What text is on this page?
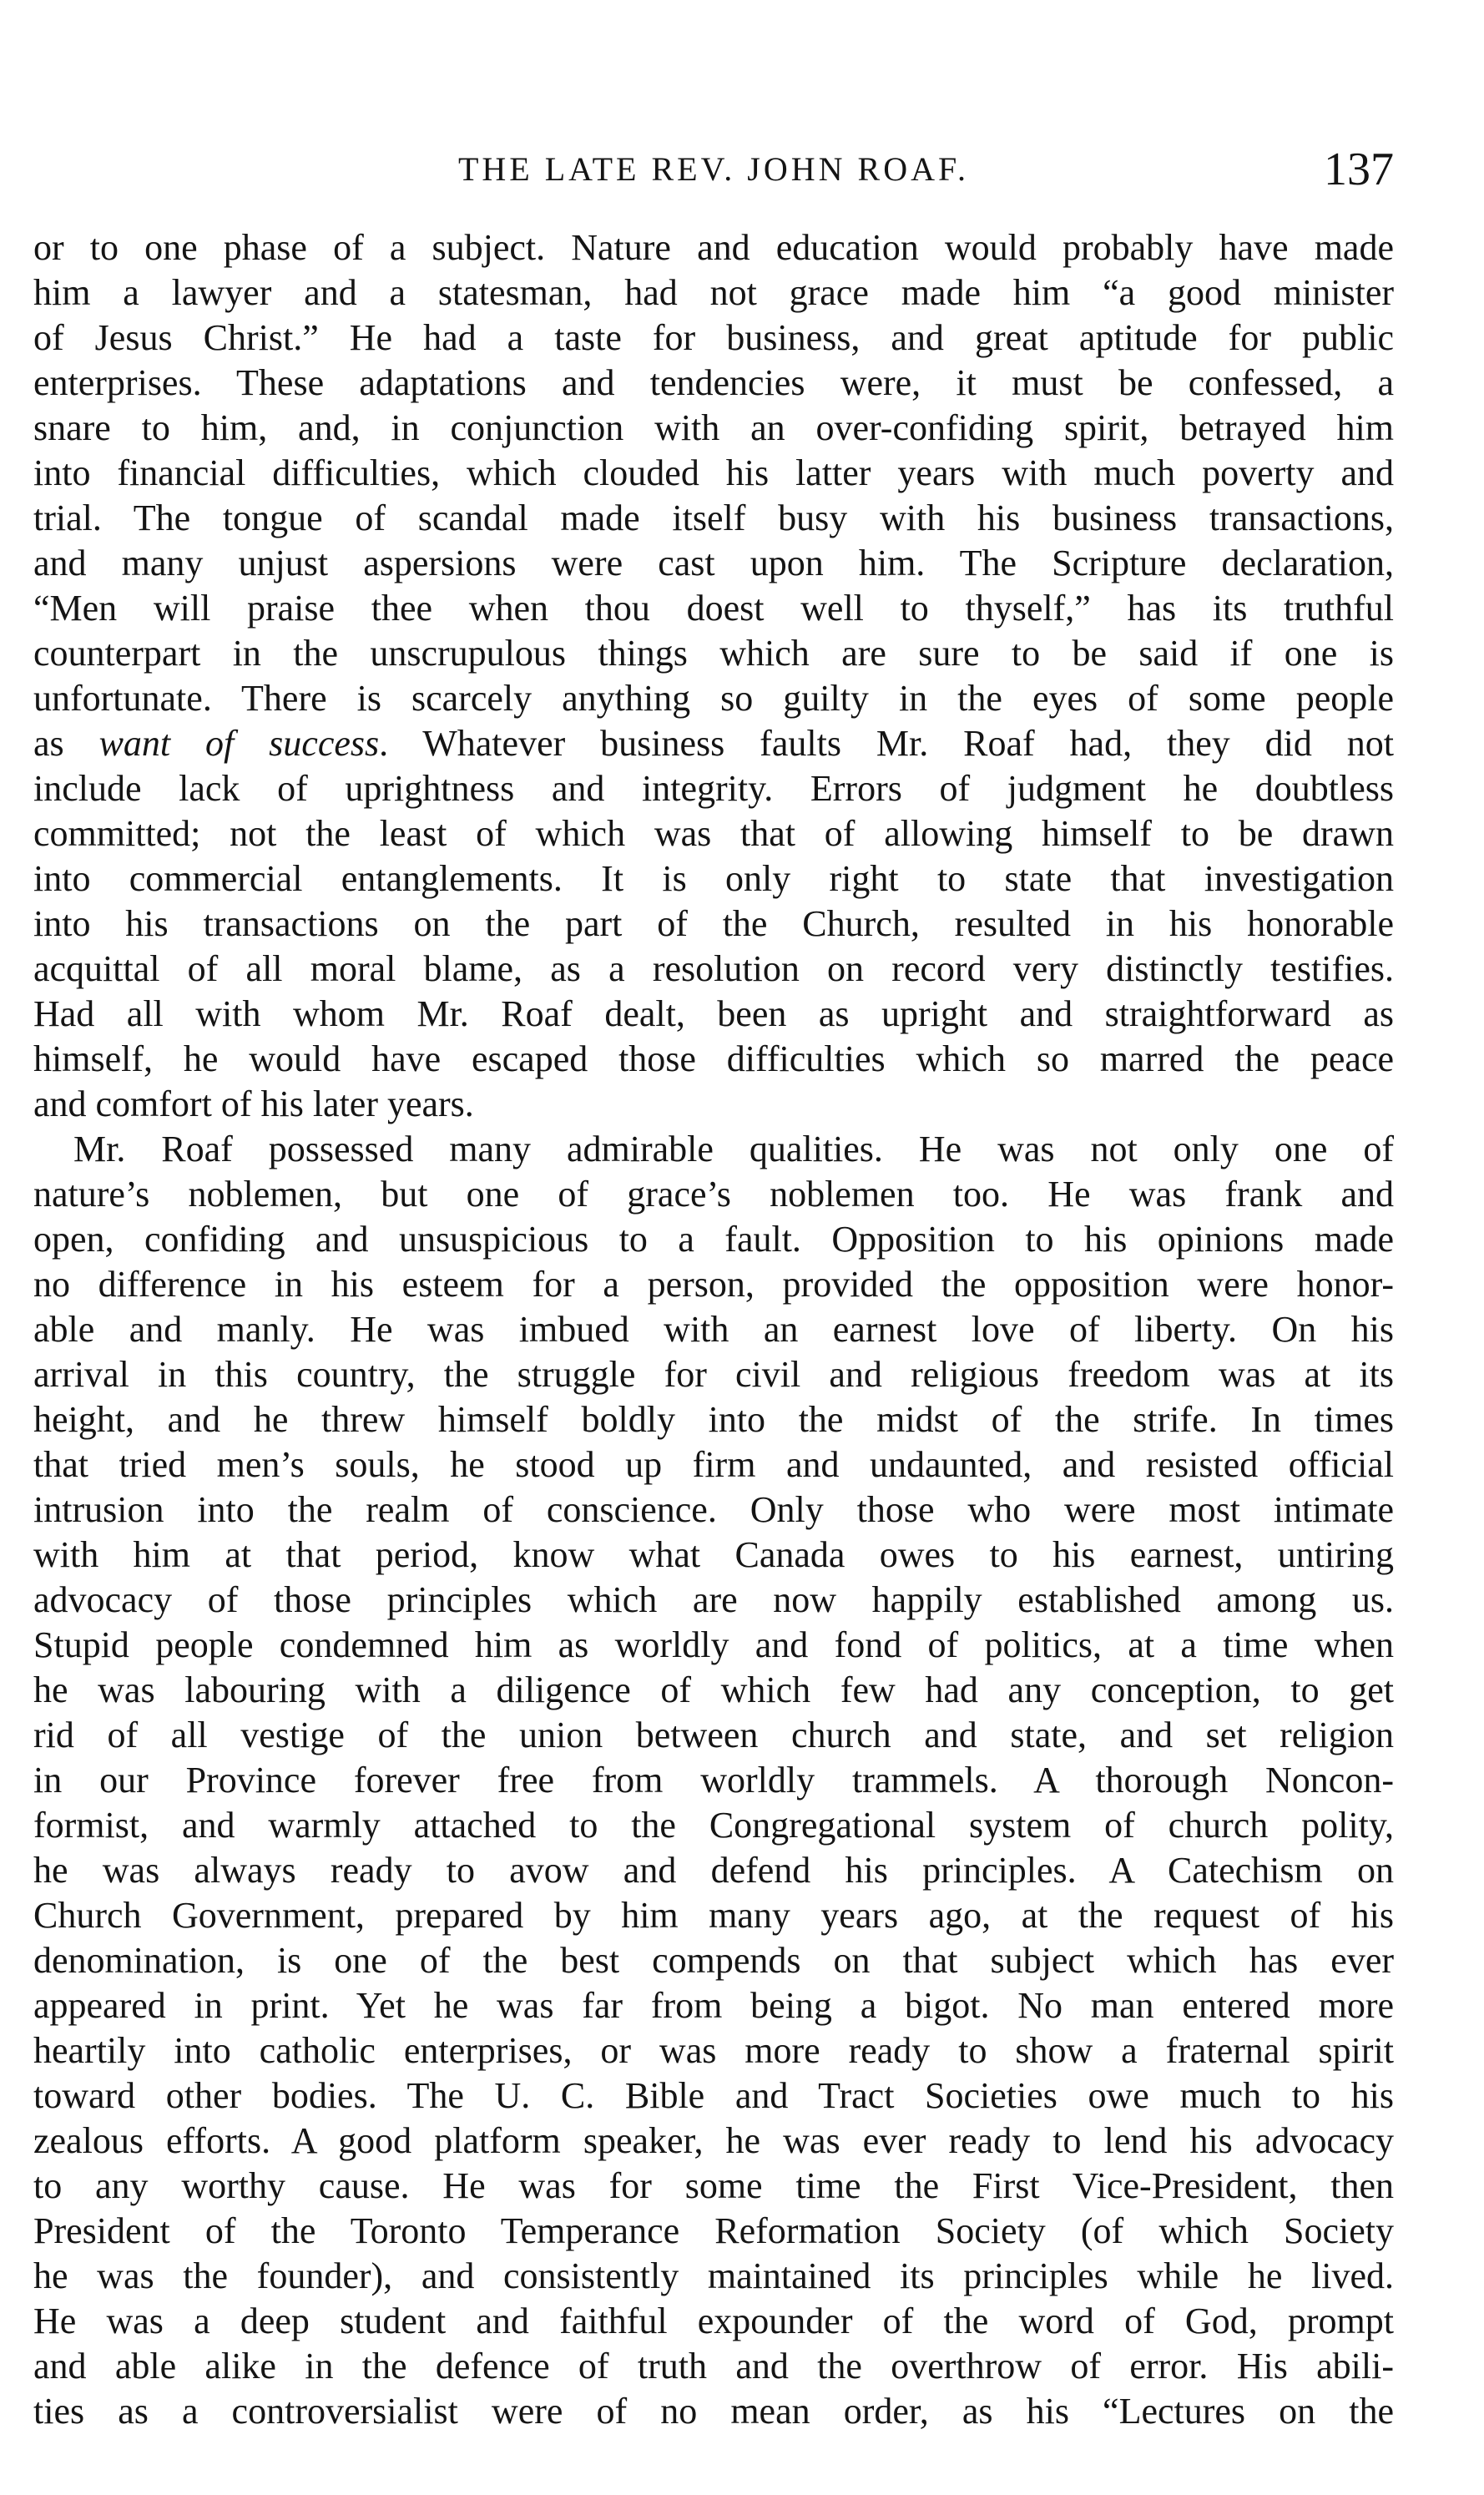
THE LATE REV. JOHN ROAF.	137
or to one phase of a subject. Nature and education would probably have made
him a lawyer and a statesman, had not grace made him “a good minister
of Jesus Christ.” He had a taste for business, and great aptitude for public
enterprises. These adaptations and tendencies were, it must be confessed, a
snare to him, and, in conjunction with an over-confiding spirit, betrayed him
into financial difficulties, which clouded his latter years with much poverty and
trial. The tongue of scandal made itself busy with his business transactions,
and many unjust aspersions were cast upon him. The Scripture declaration,
“Men will praise thee when thou doest well to thyself,” has its truthful
counterpart in the unscrupulous things which are sure to be said if one is
unfortunate. There is scarcely anything so guilty in the eyes of some people
as want of success. Whatever business faults Mr. Roaf had, they did not
include lack of uprightness and integrity. Errors of judgment he doubtless
committed; not the least of which was that of allowing himself to be drawn
into commercial entanglements. It is only right to state that investigation
into his transactions on the part of the Church, resulted in his honorable
acquittal of all moral blame, as a resolution on record very distinctly testifies.
Had all with whom Mr. Roaf dealt, been as upright and straightforward as
himself, he would have escaped those difficulties which so marred the peace
and comfort of his later years.
Mr. Roaf possessed many admirable qualities. He was not only one of
nature’s noblemen, but one of grace’s noblemen too. He was frank and
open, confiding and unsuspicious to a fault. Opposition to his opinions made
no difference in his esteem for a person, provided the opposition were honor-
able and manly. He was imbued with an earnest love of liberty. On his
arrival in this country, the struggle for civil and religious freedom was at its
height, and he threw himself boldly into the midst of the strife. In times
that tried men’s souls, he stood up firm and undaunted, and resisted official
intrusion into the realm of conscience. Only those who were most intimate
with him at that period, know what Canada owes to his earnest, untiring
advocacy of those principles which are now happily established among us.
Stupid people condemned him as worldly and fond of politics, at a time when
he was labouring with a diligence of which few had any conception, to get
rid of all vestige of the union between church and state, and set religion
in our Province forever free from worldly trammels. A thorough Noncon-
formist, and warmly attached to the Congregational system of church polity,
he was always ready to avow and defend his principles. A Catechism on
Church Government, prepared by him many years ago, at the request of his
denomination, is one of the best compends on that subject which has ever
appeared in print. Yet he was far from being a bigot. No man entered more
heartily into catholic enterprises, or was more ready to show a fraternal spirit
toward other bodies. The U. C. Bible and Tract Societies owe much to his
zealous efforts. A good platform speaker, he was ever ready to lend his advocacy
to any worthy cause. He was for some time the First Vice-President, then
President of the Toronto Temperance Reformation Society (of which Society
he was the founder), and consistently maintained its principles while he lived.
He was a deep student and faithful expounder of the word of God, prompt
and able alike in the defence of truth and the overthrow of error. His abili-
ties as a controversialist were of no mean order, as his “Lectures on the
